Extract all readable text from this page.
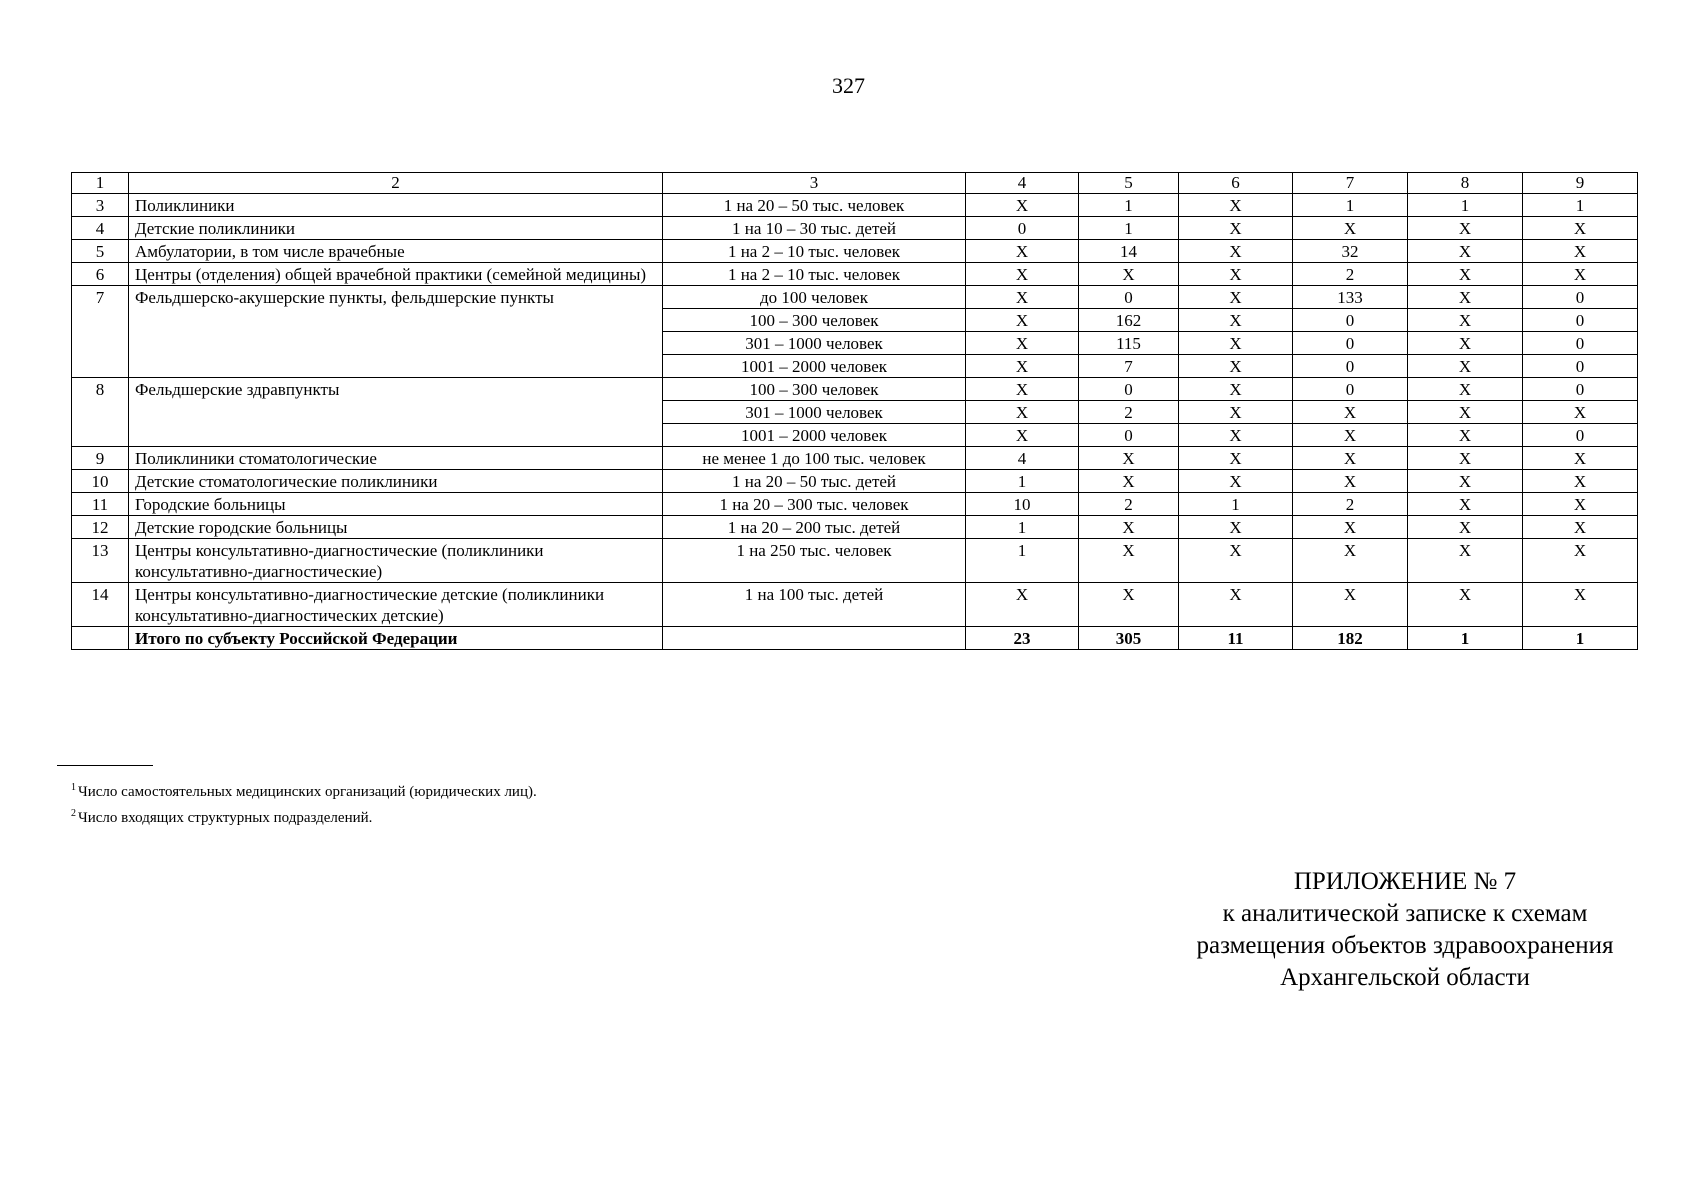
327
1	2	3	4	5	6	7	8	9
3	Поликлиники	1 на 20 – 50 тыс. человек	X	1	X	1	1	1
4	Детские поликлиники	1 на 10 – 30 тыс. детей	0	1	X	X	X	X
5	Амбулатории, в том числе врачебные	1 на 2 – 10 тыс. человек	X	14	X	32	X	X
6	Центры (отделения) общей врачебной практики (семейной медицины)	1 на 2 – 10 тыс. человек	X	X	X	2	X	X
7	Фельдшерско-акушерские пункты, фельдшерские пункты	до 100 человек	X	0	X	133	X	0
		100 – 300 человек	X	162	X	0	X	0
		301 – 1000 человек	X	115	X	0	X	0
		1001 – 2000 человек	X	7	X	0	X	0
8	Фельдшерские здравпункты	100 – 300 человек	X	0	X	0	X	0
		301 – 1000 человек	X	2	X	X	X	X
		1001 – 2000 человек	X	0	X	X	X	0
9	Поликлиники стоматологические	не менее 1 до 100 тыс. человек	4	X	X	X	X	X
10	Детские стоматологические поликлиники	1 на 20 – 50 тыс. детей	1	X	X	X	X	X
11	Городские больницы	1 на 20 – 300 тыс. человек	10	2	1	2	X	X
12	Детские городские больницы	1 на 20 – 200 тыс. детей	1	X	X	X	X	X
13	Центры консультативно-диагностические (поликлиники консультативно-диагностические)	1 на 250 тыс. человек	1	X	X	X	X	X
14	Центры консультативно-диагностические детские (поликлиники консультативно-диагностических детские)	1 на 100 тыс. детей	X	X	X	X	X	X
	Итого по субъекту Российской Федерации		23	305	11	182	1	1
$^1$ Число самостоятельных медицинских организаций (юридических лиц).
$^2$ Число входящих структурных подразделений.
ПРИЛОЖЕНИЕ № 7
к аналитической записке к схемам
размещения объектов здравоохранения
Архангельской области
